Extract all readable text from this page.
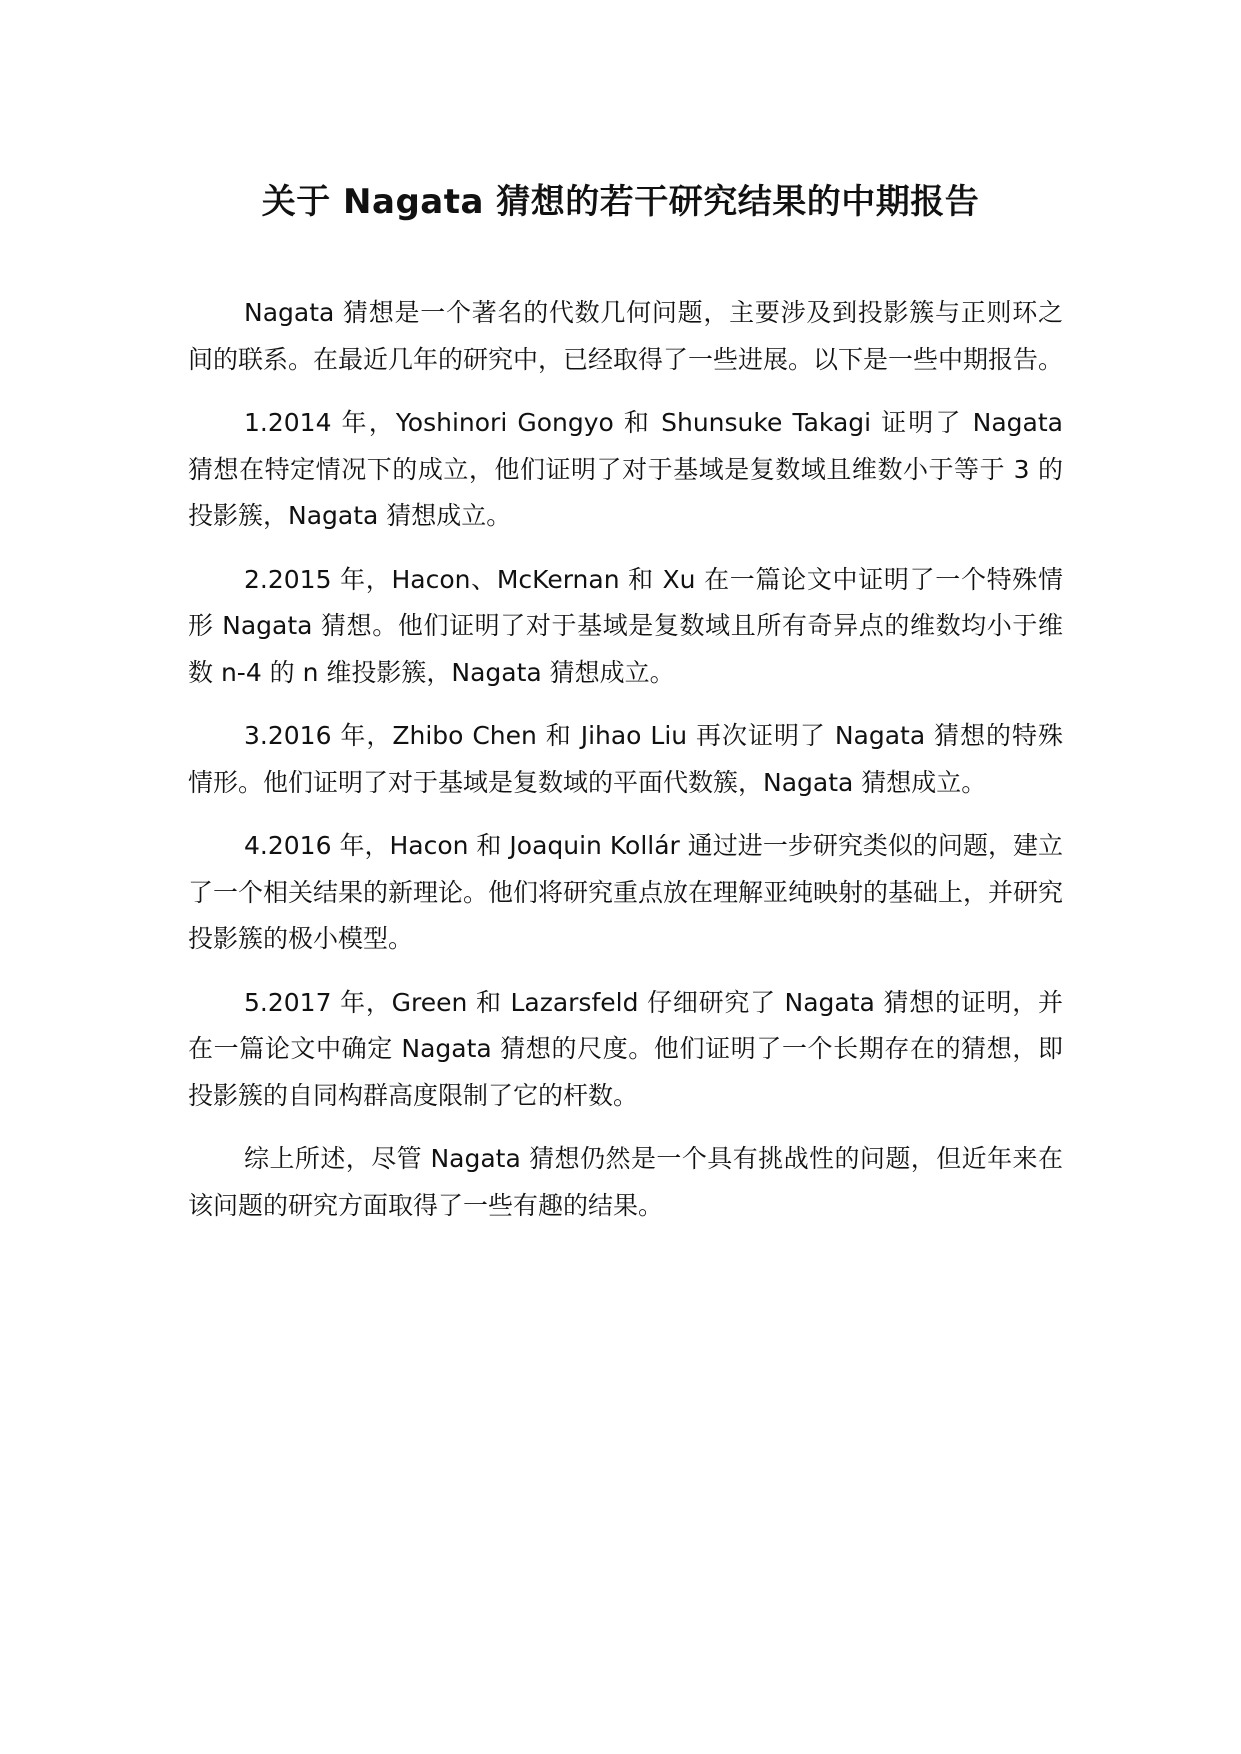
关于 Nagata 猜想的若干研究结果的中期报告

Nagata 猜想是一个著名的代数几何问题，主要涉及到投影簇与正则环之间的联系。在最近几年的研究中，已经取得了一些进展。以下是一些中期报告。

1.2014 年，Yoshinori Gongyo 和 Shunsuke Takagi 证明了 Nagata 猜想在特定情况下的成立，他们证明了对于基域是复数域且维数小于等于 3 的投影簇，Nagata 猜想成立。

2.2015 年，Hacon、McKernan 和 Xu 在一篇论文中证明了一个特殊情形 Nagata 猜想。他们证明了对于基域是复数域且所有奇异点的维数均小于维数 n-4 的 n 维投影簇，Nagata 猜想成立。

3.2016 年，Zhibo Chen 和 Jihao Liu 再次证明了 Nagata 猜想的特殊情形。他们证明了对于基域是复数域的平面代数簇，Nagata 猜想成立。

4.2016 年，Hacon 和 Joaquin Kollár 通过进一步研究类似的问题，建立了一个相关结果的新理论。他们将研究重点放在理解亚纯映射的基础上，并研究投影簇的极小模型。

5.2017 年，Green 和 Lazarsfeld 仔细研究了 Nagata 猜想的证明，并在一篇论文中确定 Nagata 猜想的尺度。他们证明了一个长期存在的猜想，即投影簇的自同构群高度限制了它的杆数。

综上所述，尽管 Nagata 猜想仍然是一个具有挑战性的问题，但近年来在该问题的研究方面取得了一些有趣的结果。
